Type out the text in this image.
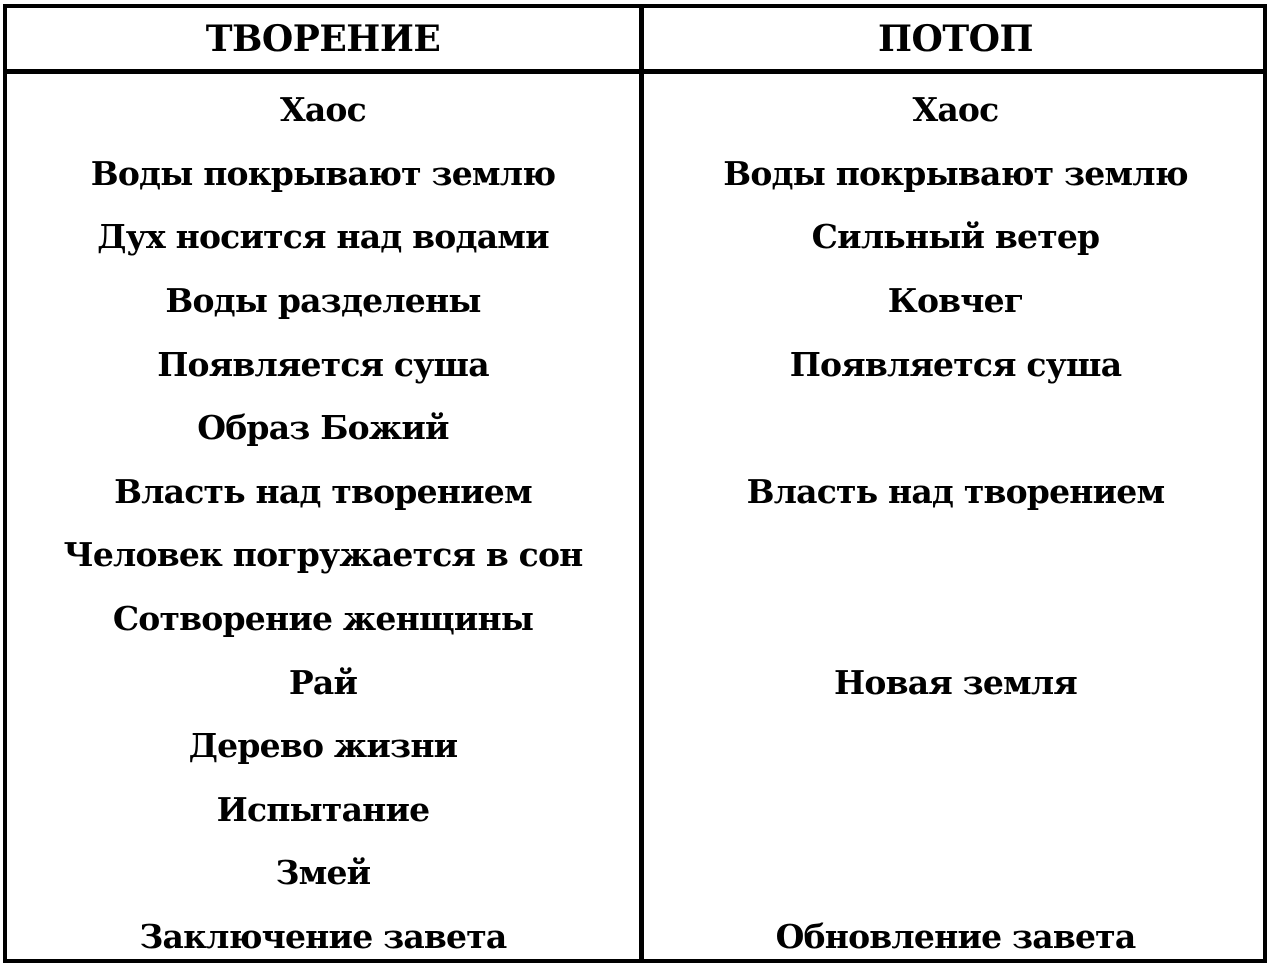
ТВОРЕНИЕ	ПОТОП
Хаос
Воды покрывают землю
Дух носится над водами
Воды разделены
Появляется суша
Образ Божий
Власть над творением
Человек погружается в сон
Сотворение женщины
Рай
Дерево жизни
Испытание
Змей
Заключение завета
Хаос
Воды покрывают землю
Сильный ветер
Ковчег
Появляется суша
Власть над творением
Новая земля
Обновление завета
